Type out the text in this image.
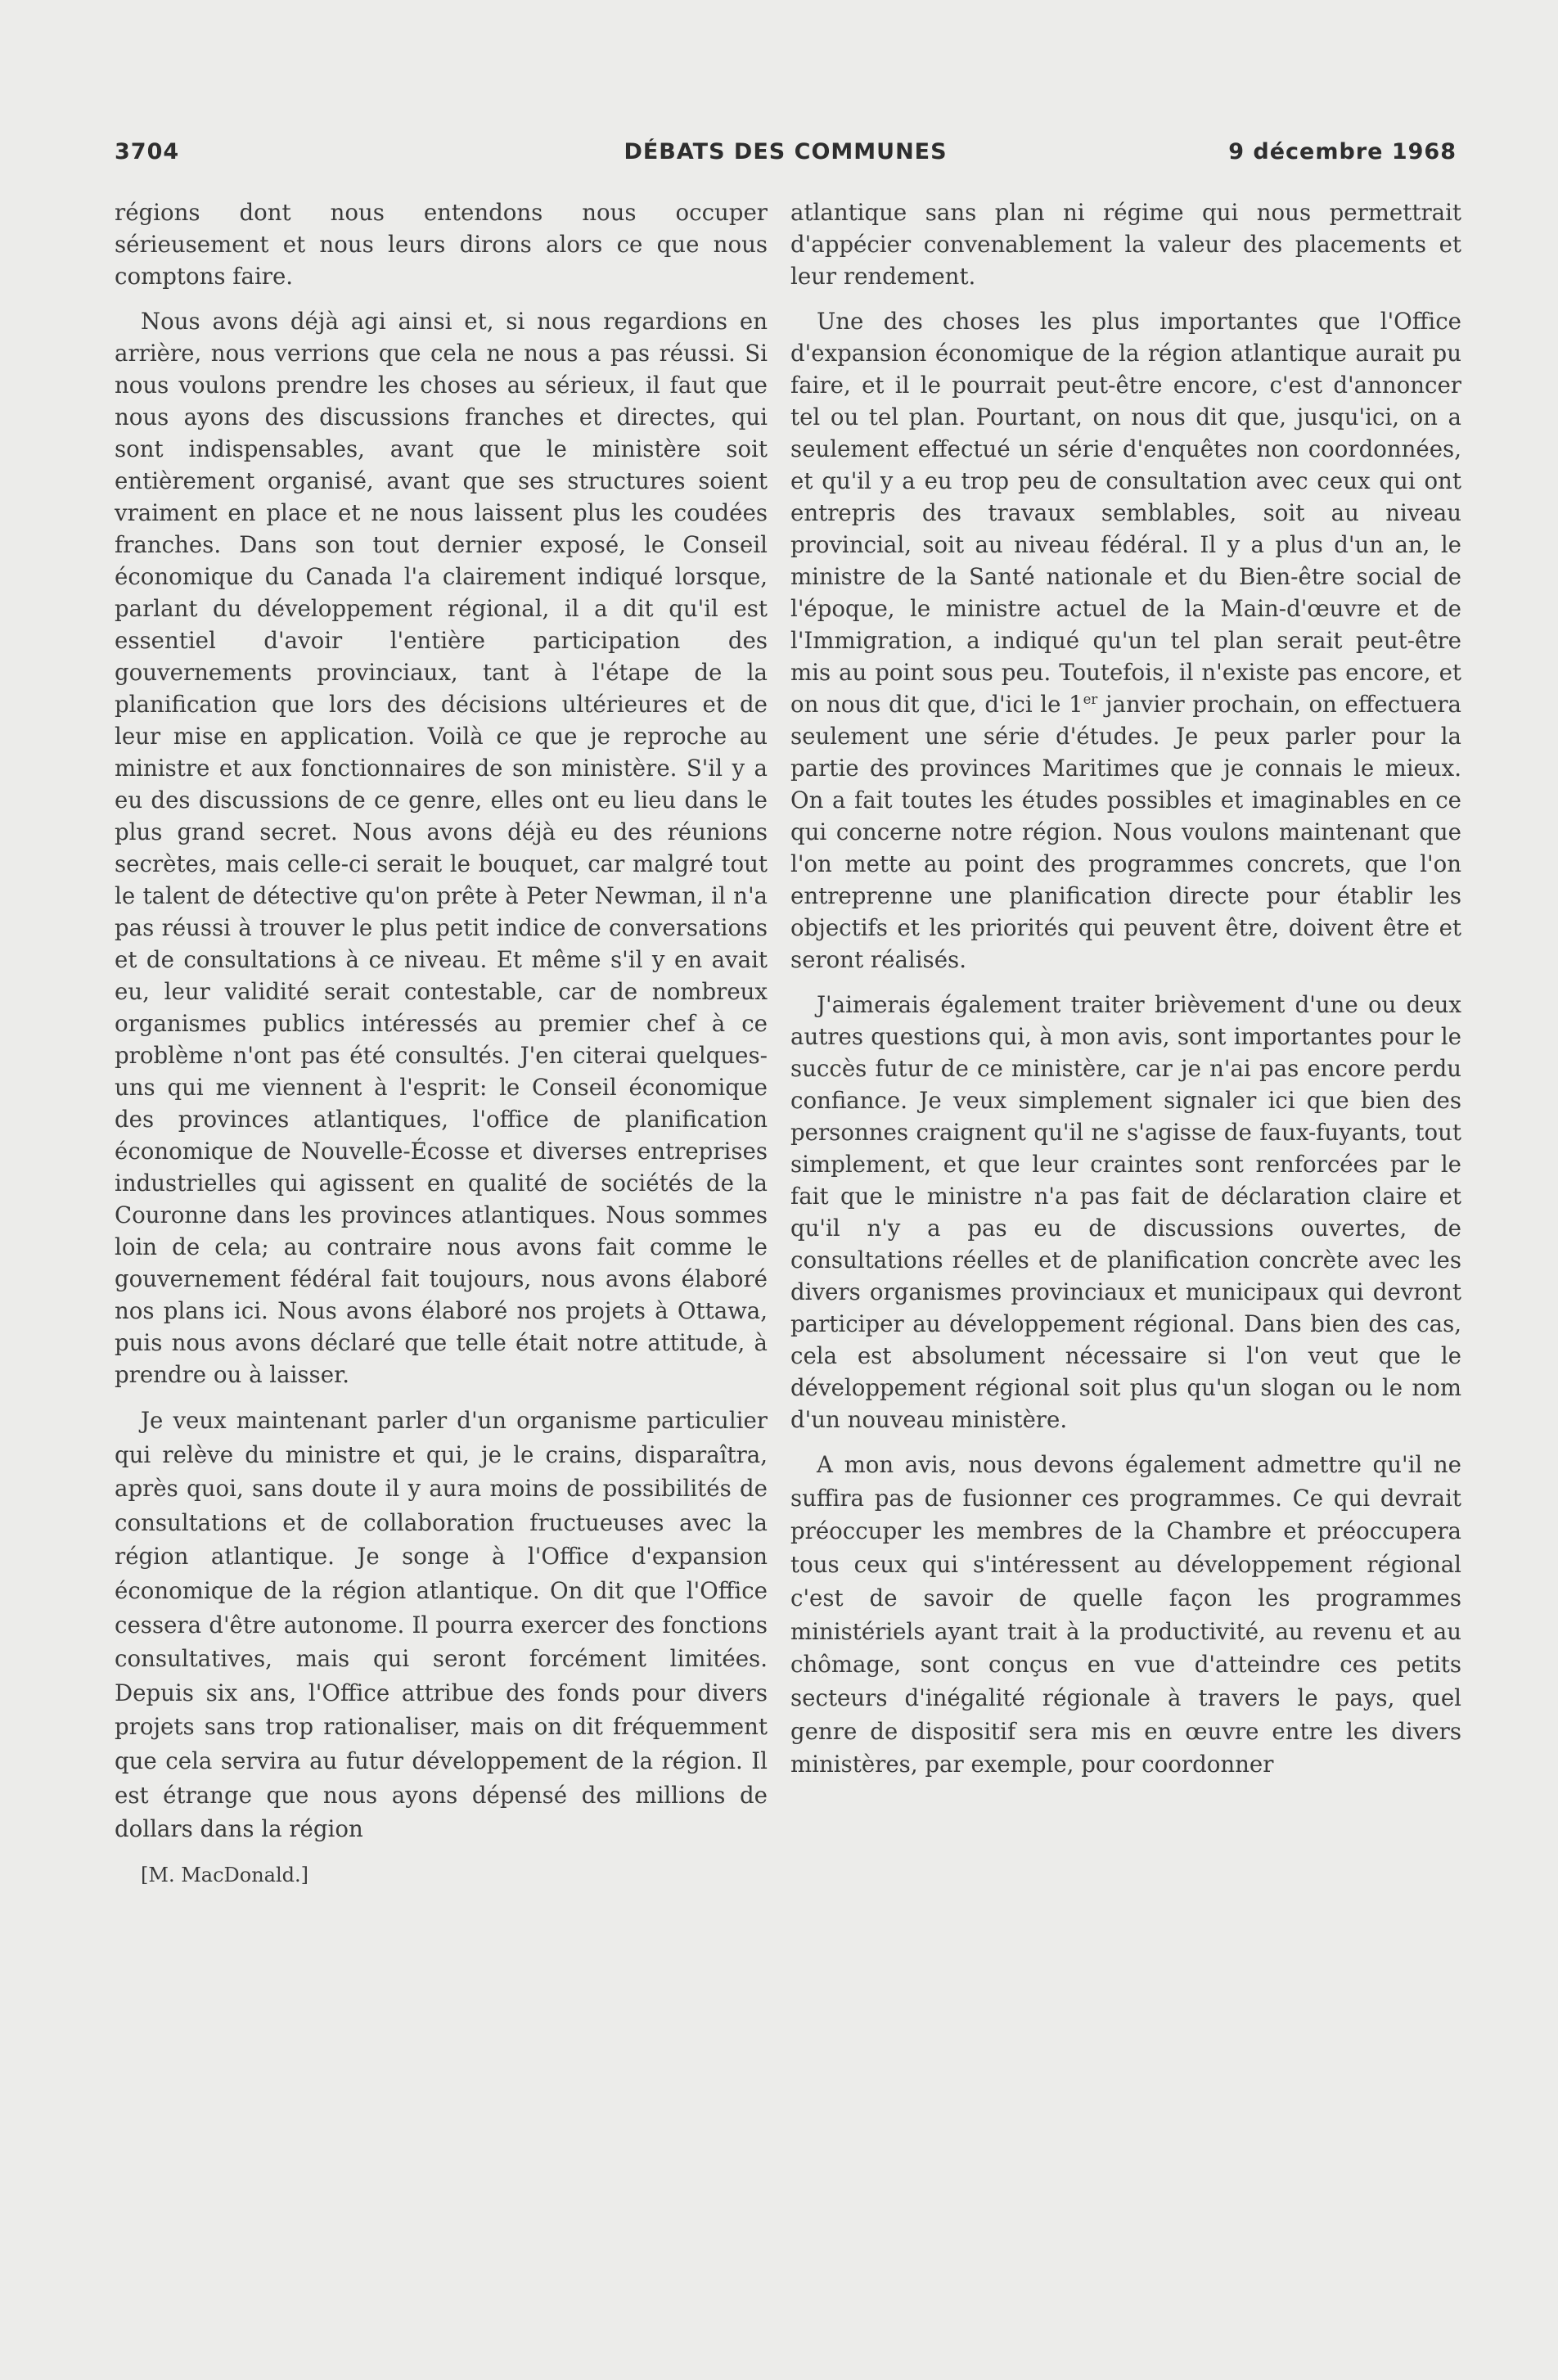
3704	DÉBATS DES COMMUNES	9 décembre 1968

régions dont nous entendons nous occuper sérieusement et nous leurs dirons alors ce que nous comptons faire.

Nous avons déjà agi ainsi et, si nous regardions en arrière, nous verrions que cela ne nous a pas réussi. Si nous voulons prendre les choses au sérieux, il faut que nous ayons des discussions franches et directes, qui sont indispensables, avant que le ministère soit entièrement organisé, avant que ses structures soient vraiment en place et ne nous laissent plus les coudées franches. Dans son tout dernier exposé, le Conseil économique du Canada l'a clairement indiqué lorsque, parlant du développement régional, il a dit qu'il est essentiel d'avoir l'entière participation des gouvernements provinciaux, tant à l'étape de la planification que lors des décisions ultérieures et de leur mise en application. Voilà ce que je reproche au ministre et aux fonctionnaires de son ministère. S'il y a eu des discussions de ce genre, elles ont eu lieu dans le plus grand secret. Nous avons déjà eu des réunions secrètes, mais celle-ci serait le bouquet, car malgré tout le talent de détective qu'on prête à Peter Newman, il n'a pas réussi à trouver le plus petit indice de conversations et de consultations à ce niveau. Et même s'il y en avait eu, leur validité serait contestable, car de nombreux organismes publics intéressés au premier chef à ce problème n'ont pas été consultés. J'en citerai quelques-uns qui me viennent à l'esprit: le Conseil économique des provinces atlantiques, l'office de planification économique de Nouvelle-Écosse et diverses entreprises industrielles qui agissent en qualité de sociétés de la Couronne dans les provinces atlantiques. Nous sommes loin de cela; au contraire nous avons fait comme le gouvernement fédéral fait toujours, nous avons élaboré nos plans ici. Nous avons élaboré nos projets à Ottawa, puis nous avons déclaré que telle était notre attitude, à prendre ou à laisser.

Je veux maintenant parler d'un organisme particulier qui relève du ministre et qui, je le crains, disparaîtra, après quoi, sans doute il y aura moins de possibilités de consultations et de collaboration fructueuses avec la région atlantique. Je songe à l'Office d'expansion économique de la région atlantique. On dit que l'Office cessera d'être autonome. Il pourra exercer des fonctions consultatives, mais qui seront forcément limitées. Depuis six ans, l'Office attribue des fonds pour divers projets sans trop rationaliser, mais on dit fréquemment que cela servira au futur développement de la région. Il est étrange que nous ayons dépensé des millions de dollars dans la région

[M. MacDonald.]

atlantique sans plan ni régime qui nous permettrait d'appécier convenablement la valeur des placements et leur rendement.

Une des choses les plus importantes que l'Office d'expansion économique de la région atlantique aurait pu faire, et il le pourrait peut-être encore, c'est d'annoncer tel ou tel plan. Pourtant, on nous dit que, jusqu'ici, on a seulement effectué un série d'enquêtes non coordonnées, et qu'il y a eu trop peu de consultation avec ceux qui ont entrepris des travaux semblables, soit au niveau provincial, soit au niveau fédéral. Il y a plus d'un an, le ministre de la Santé nationale et du Bien-être social de l'époque, le ministre actuel de la Main-d'œuvre et de l'Immigration, a indiqué qu'un tel plan serait peut-être mis au point sous peu. Toutefois, il n'existe pas encore, et on nous dit que, d'ici le 1er janvier prochain, on effectuera seulement une série d'études. Je peux parler pour la partie des provinces Maritimes que je connais le mieux. On a fait toutes les études possibles et imaginables en ce qui concerne notre région. Nous voulons maintenant que l'on mette au point des programmes concrets, que l'on entreprenne une planification directe pour établir les objectifs et les priorités qui peuvent être, doivent être et seront réalisés.

J'aimerais également traiter brièvement d'une ou deux autres questions qui, à mon avis, sont importantes pour le succès futur de ce ministère, car je n'ai pas encore perdu confiance. Je veux simplement signaler ici que bien des personnes craignent qu'il ne s'agisse de faux-fuyants, tout simplement, et que leur craintes sont renforcées par le fait que le ministre n'a pas fait de déclaration claire et qu'il n'y a pas eu de discussions ouvertes, de consultations réelles et de planification concrète avec les divers organismes provinciaux et municipaux qui devront participer au développement régional. Dans bien des cas, cela est absolument nécessaire si l'on veut que le développement régional soit plus qu'un slogan ou le nom d'un nouveau ministère.

A mon avis, nous devons également admettre qu'il ne suffira pas de fusionner ces programmes. Ce qui devrait préoccuper les membres de la Chambre et préoccupera tous ceux qui s'intéressent au développement régional c'est de savoir de quelle façon les programmes ministériels ayant trait à la productivité, au revenu et au chômage, sont conçus en vue d'atteindre ces petits secteurs d'inégalité régionale à travers le pays, quel genre de dispositif sera mis en œuvre entre les divers ministères, par exemple, pour coordonner
